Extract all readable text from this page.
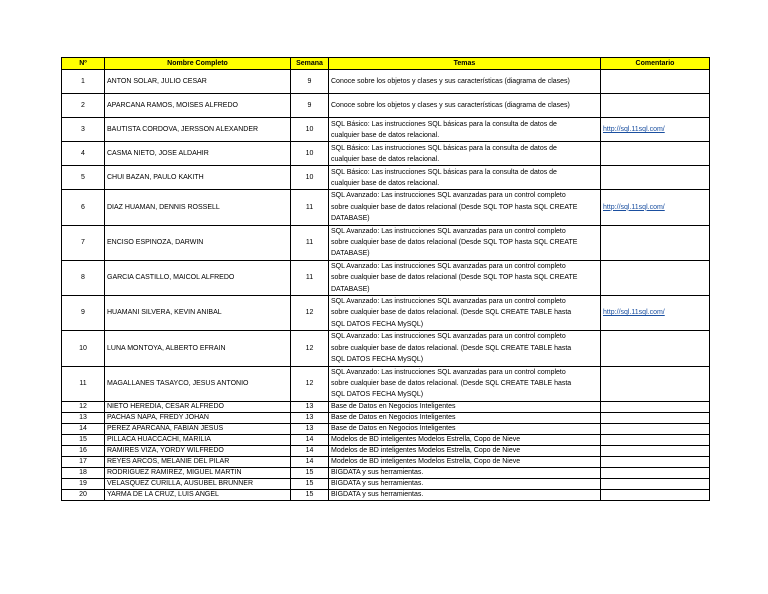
Nº	Nombre Completo	Semana	Temas	Comentario
1	ANTON SOLAR, JULIO CESAR	9	Conoce sobre los objetos y clases y sus características (diagrama de clases)	

2	APARCANA RAMOS, MOISES ALFREDO	9	Conoce sobre los objetos y clases y sus características (diagrama de clases)	

3	BAUTISTA CORDOVA, JERSSON ALEXANDER	10	SQL Básico: Las instrucciones SQL básicas para la consulta de datos de
cualquier base de datos relacional.	http://sql.11sql.com/
4	CASMA NIETO, JOSE ALDAHIR	10	SQL Básico: Las instrucciones SQL básicas para la consulta de datos de
cualquier base de datos relacional.	

5	CHUI BAZAN, PAULO KAKITH	10	SQL Básico: Las instrucciones SQL básicas para la consulta de datos de
cualquier base de datos relacional.	

6	DIAZ HUAMAN, DENNIS ROSSELL	11	SQL Avanzado: Las instrucciones SQL avanzadas para un control completo
sobre cualquier base de datos relacional (Desde SQL TOP hasta SQL CREATE
DATABASE)	http://sql.11sql.com/
7	ENCISO ESPINOZA, DARWIN	11	SQL Avanzado: Las instrucciones SQL avanzadas para un control completo
sobre cualquier base de datos relacional (Desde SQL TOP hasta SQL CREATE
DATABASE)	

8	GARCIA CASTILLO, MAICOL ALFREDO	11	SQL Avanzado: Las instrucciones SQL avanzadas para un control completo
sobre cualquier base de datos relacional (Desde SQL TOP hasta SQL CREATE
DATABASE)	

9	HUAMANI SILVERA, KEVIN ANIBAL	12	SQL Avanzado: Las instrucciones SQL avanzadas para un control completo
sobre cualquier base de datos relacional. (Desde SQL CREATE TABLE hasta
SQL DATOS FECHA MySQL)	http://sql.11sql.com/
10	LUNA MONTOYA, ALBERTO EFRAIN	12	SQL Avanzado: Las instrucciones SQL avanzadas para un control completo
sobre cualquier base de datos relacional. (Desde SQL CREATE TABLE hasta
SQL DATOS FECHA MySQL)	

11	MAGALLANES TASAYCO, JESUS ANTONIO	12	SQL Avanzado: Las instrucciones SQL avanzadas para un control completo
sobre cualquier base de datos relacional. (Desde SQL CREATE TABLE hasta
SQL DATOS FECHA MySQL)	

12	NIETO HEREDIA, CESAR ALFREDO	13	Base de Datos en Negocios Inteligentes	

13	PACHAS NAPA, FREDY JOHAN	13	Base de Datos en Negocios Inteligentes	

14	PEREZ APARCANA, FABIAN JESUS	13	Base de Datos en Negocios Inteligentes	

15	PILLACA HUACCACHI, MARILIA	14	Modelos de BD inteligentes Modelos Estrella, Copo de Nieve	

16	RAMIRES VIZA, YORDY WILFREDO	14	Modelos de BD inteligentes Modelos Estrella, Copo de Nieve	

17	REYES ARCOS, MELANIE DEL PILAR	14	Modelos de BD inteligentes Modelos Estrella, Copo de Nieve	

18	RODRIGUEZ RAMIREZ, MIGUEL MARTIN	15	BIGDATA y sus herramientas.	

19	VELASQUEZ CURILLA, AUSUBEL BRUNNER	15	BIGDATA y sus herramientas.	

20	YARMA DE LA CRUZ, LUIS ANGEL	15	BIGDATA y sus herramientas.	
